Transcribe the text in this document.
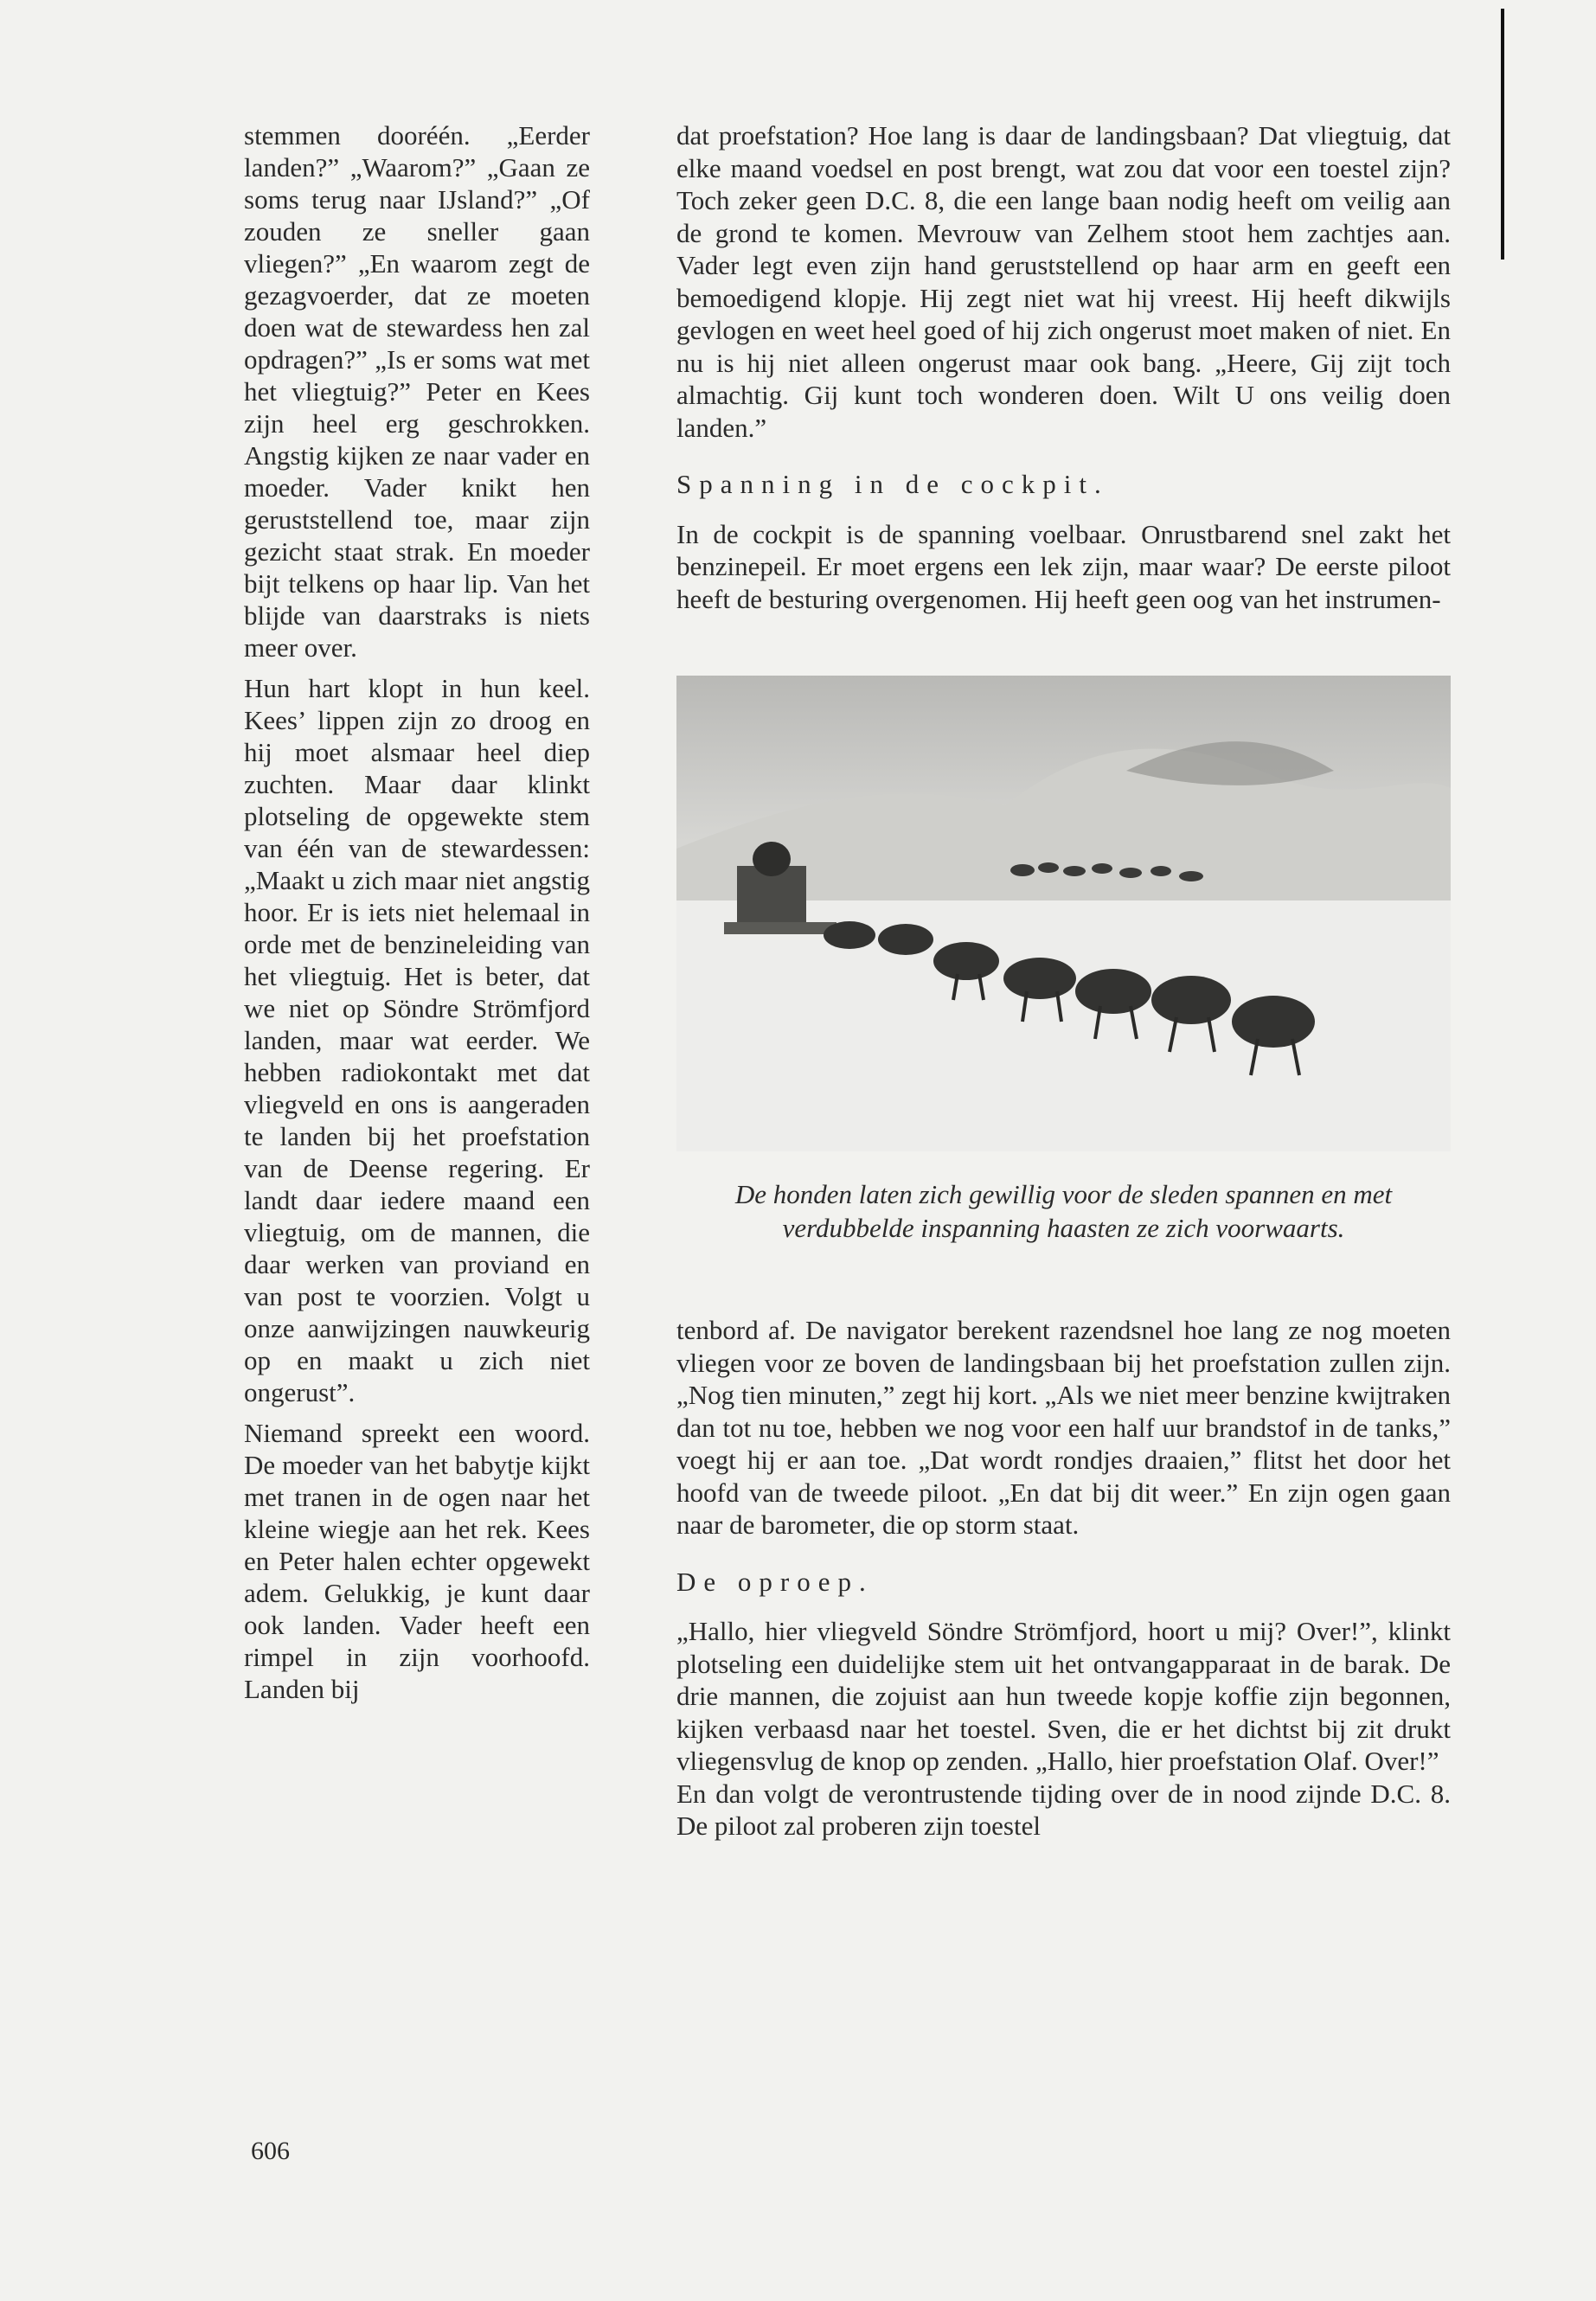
stemmen dooréén. „Eerder landen?” „Waarom?” „Gaan ze soms terug naar IJsland?” „Of zouden ze sneller gaan vliegen?” „En waarom zegt de gezagvoerder, dat ze moeten doen wat de stewardess hen zal opdragen?” „Is er soms wat met het vliegtuig?” Peter en Kees zijn heel erg geschrokken. Angstig kijken ze naar vader en moeder. Vader knikt hen geruststellend toe, maar zijn gezicht staat strak. En moeder bijt telkens op haar lip. Van het blijde van daarstraks is niets meer over.

Hun hart klopt in hun keel. Kees’ lippen zijn zo droog en hij moet alsmaar heel diep zuchten. Maar daar klinkt plotseling de opgewekte stem van één van de stewardessen: „Maakt u zich maar niet angstig hoor. Er is iets niet helemaal in orde met de benzineleiding van het vliegtuig. Het is beter, dat we niet op Söndre Strömfjord landen, maar wat eerder. We hebben radiokontakt met dat vliegveld en ons is aangeraden te landen bij het proefstation van de Deense regering. Er landt daar iedere maand een vliegtuig, om de mannen, die daar werken van proviand en van post te voorzien. Volgt u onze aanwijzingen nauwkeurig op en maakt u zich niet ongerust”.

Niemand spreekt een woord. De moeder van het babytje kijkt met tranen in de ogen naar het kleine wiegje aan het rek. Kees en Peter halen echter opgewekt adem. Gelukkig, je kunt daar ook landen. Vader heeft een rimpel in zijn voorhoofd. Landen bij

dat proefstation? Hoe lang is daar de landingsbaan? Dat vliegtuig, dat elke maand voedsel en post brengt, wat zou dat voor een toestel zijn? Toch zeker geen D.C. 8, die een lange baan nodig heeft om veilig aan de grond te komen. Mevrouw van Zelhem stoot hem zachtjes aan. Vader legt even zijn hand geruststellend op haar arm en geeft een bemoedigend klopje. Hij zegt niet wat hij vreest. Hij heeft dikwijls gevlogen en weet heel goed of hij zich ongerust moet maken of niet. En nu is hij niet alleen ongerust maar ook bang. „Heere, Gij zijt toch almachtig. Gij kunt toch wonderen doen. Wilt U ons veilig doen landen.”

Spanning in de cockpit.

In de cockpit is de spanning voelbaar. Onrustbarend snel zakt het benzinepeil. Er moet ergens een lek zijn, maar waar? De eerste piloot heeft de besturing overgenomen. Hij heeft geen oog van het instrumen-

De honden laten zich gewillig voor de sleden spannen en met verdubbelde inspanning haasten ze zich voorwaarts.

tenbord af. De navigator berekent razendsnel hoe lang ze nog moeten vliegen voor ze boven de landingsbaan bij het proefstation zullen zijn. „Nog tien minuten,” zegt hij kort. „Als we niet meer benzine kwijtraken dan tot nu toe, hebben we nog voor een half uur brandstof in de tanks,” voegt hij er aan toe. „Dat wordt rondjes draaien,” flitst het door het hoofd van de tweede piloot. „En dat bij dit weer.” En zijn ogen gaan naar de barometer, die op storm staat.

De oproep.

„Hallo, hier vliegveld Söndre Strömfjord, hoort u mij? Over!”, klinkt plotseling een duidelijke stem uit het ontvangapparaat in de barak. De drie mannen, die zojuist aan hun tweede kopje koffie zijn begonnen, kijken verbaasd naar het toestel. Sven, die er het dichtst bij zit drukt vliegensvlug de knop op zenden. „Hallo, hier proefstation Olaf. Over!”

En dan volgt de verontrustende tijding over de in nood zijnde D.C. 8. De piloot zal proberen zijn toestel

606
